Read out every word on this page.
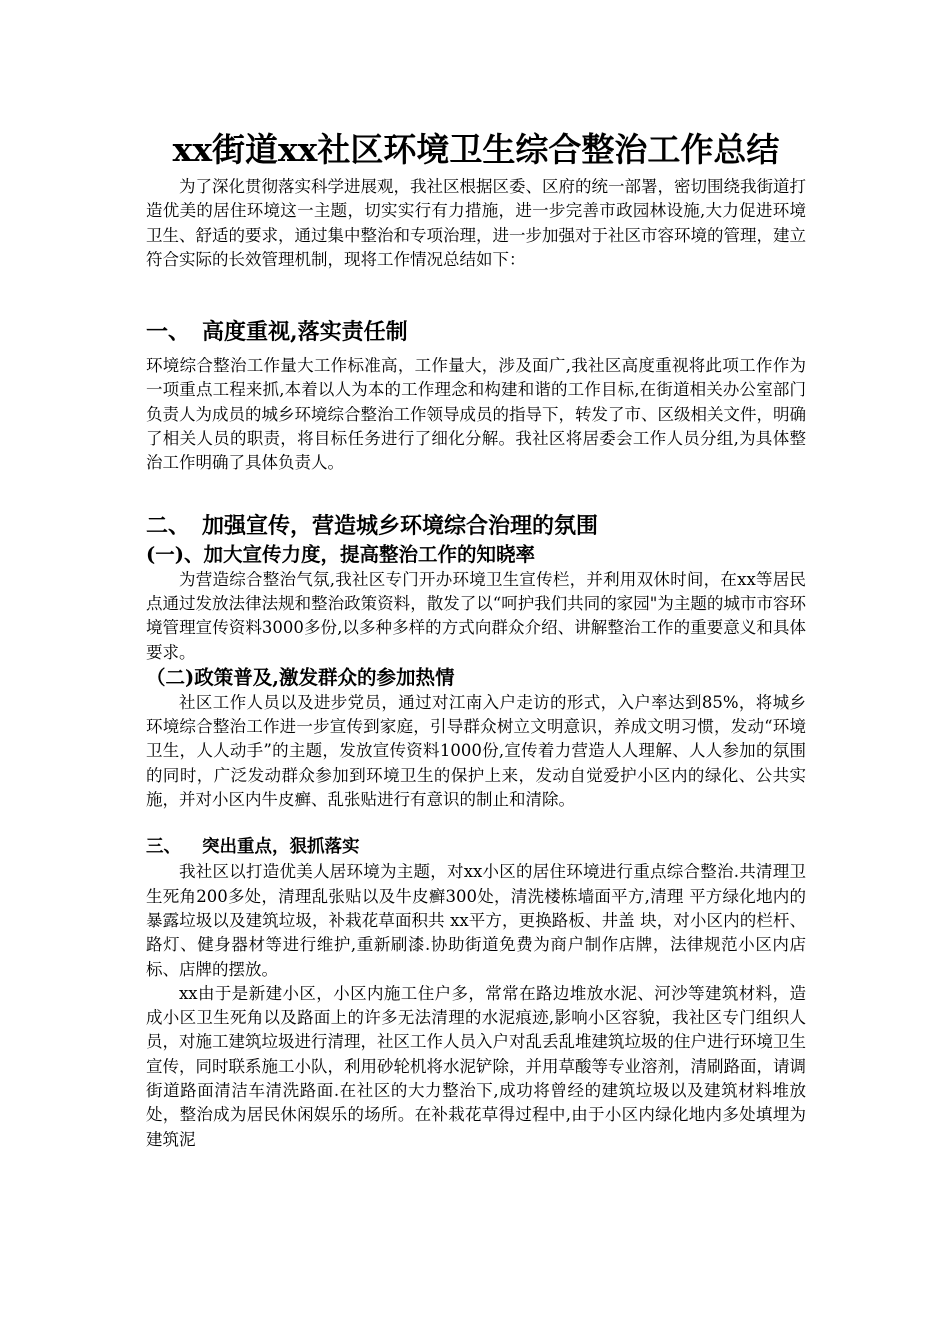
xx街道xx社区环境卫生综合整治工作总结

为了深化贯彻落实科学进展观，我社区根据区委、区府的统一部署，密切围绕我街道打造优美的居住环境这一主题，切实实行有力措施，进一步完善市政园林设施,大力促进环境卫生、舒适的要求，通过集中整治和专项治理，进一步加强对于社区市容环境的管理，建立符合实际的长效管理机制，现将工作情况总结如下：

一、 高度重视,落实责任制

环境综合整治工作量大工作标准高，工作量大，涉及面广,我社区高度重视将此项工作作为一项重点工程来抓,本着以人为本的工作理念和构建和谐的工作目标,在街道相关办公室部门负责人为成员的城乡环境综合整治工作领导成员的指导下，转发了市、区级相关文件，明确了相关人员的职责，将目标任务进行了细化分解。我社区将居委会工作人员分组,为具体整治工作明确了具体负责人。

二、 加强宣传，营造城乡环境综合治理的氛围
(一)、加大宣传力度，提高整治工作的知晓率

为营造综合整治气氛,我社区专门开办环境卫生宣传栏，并利用双休时间，在xx等居民点通过发放法律法规和整治政策资料，散发了以“呵护我们共同的家园"为主题的城市市容环境管理宣传资料3000多份,以多种多样的方式向群众介绍、讲解整治工作的重要意义和具体要求。

（二)政策普及,激发群众的参加热情

社区工作人员以及进步党员，通过对江南入户走访的形式，入户率达到85%，将城乡环境综合整治工作进一步宣传到家庭，引导群众树立文明意识，养成文明习惯，发动“环境卫生，人人动手”的主题，发放宣传资料1000份,宣传着力营造人人理解、人人参加的氛围的同时，广泛发动群众参加到环境卫生的保护上来，发动自觉爱护小区内的绿化、公共实施，并对小区内牛皮癣、乱张贴进行有意识的制止和清除。

三、 突出重点，狠抓落实

我社区以打造优美人居环境为主题，对xx小区的居住环境进行重点综合整治.共清理卫生死角200多处，清理乱张贴以及牛皮癣300处，清洗楼栋墙面平方,清理 平方绿化地内的暴露垃圾以及建筑垃圾，补栽花草面积共 xx平方，更换路板、井盖 块，对小区内的栏杆、路灯、健身器材等进行维护,重新刷漆.协助街道免费为商户制作店牌，法律规范小区内店标、店牌的摆放。

xx由于是新建小区，小区内施工住户多，常常在路边堆放水泥、河沙等建筑材料，造成小区卫生死角以及路面上的许多无法清理的水泥痕迹,影响小区容貌，我社区专门组织人员，对施工建筑垃圾进行清理，社区工作人员入户对乱丢乱堆建筑垃圾的住户进行环境卫生宣传，同时联系施工小队，利用砂轮机将水泥铲除，并用草酸等专业溶剂，清刷路面，请调街道路面清洁车清洗路面.在社区的大力整治下,成功将曾经的建筑垃圾以及建筑材料堆放处，整治成为居民休闲娱乐的场所。在补栽花草得过程中,由于小区内绿化地内多处填埋为建筑泥
